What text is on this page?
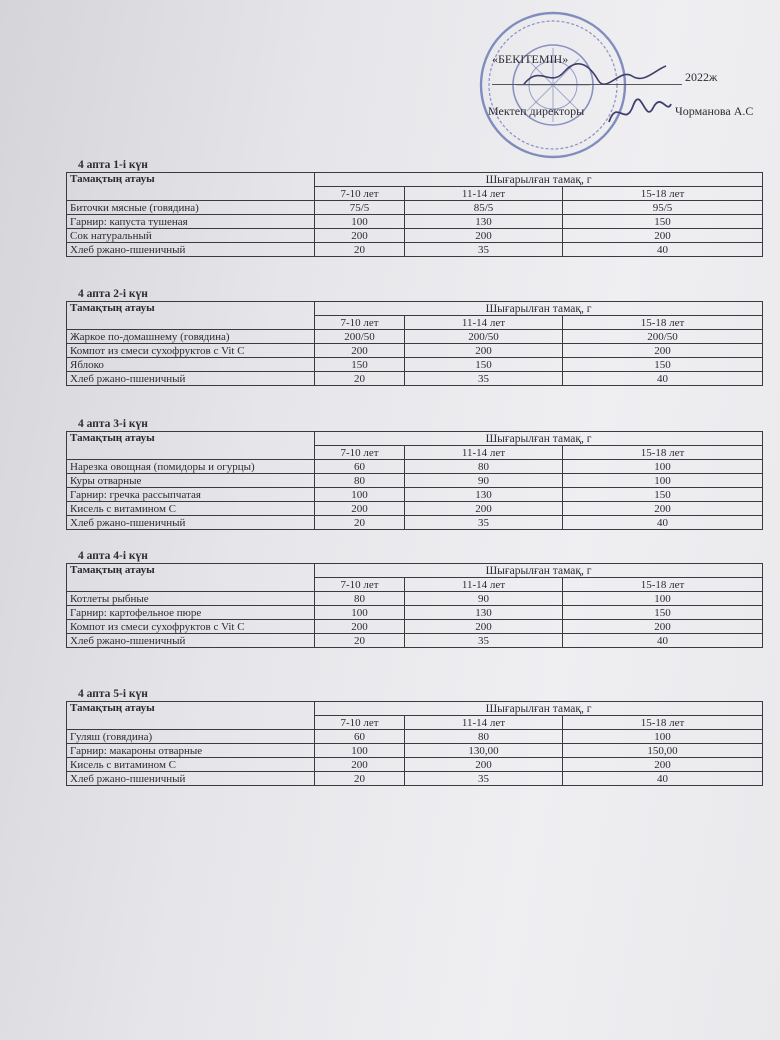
«БЕКІТЕМІН»
2022ж
Мектеп директоры	Чорманова А.С
4 апта 1-і күн
Тамақтың атауы	Шығарылған тамақ, г		
	7-10 лет	11-14 лет	15-18 лет
Биточки мясные (говядина)	75/5	85/5	95/5
Гарнир: капуста тушеная	100	130	150
Сок натуральный	200	200	200
Хлеб ржано-пшеничный	20	35	40
4 апта 2-і күн
Тамақтың атауы	Шығарылған тамақ, г		
	7-10 лет	11-14 лет	15-18 лет
Жаркое по-домашнему (говядина)	200/50	200/50	200/50
Компот из смеси сухофруктов с Vit C	200	200	200
Яблоко	150	150	150
Хлеб ржано-пшеничный	20	35	40
4 апта 3-і күн
Тамақтың атауы	Шығарылған тамақ, г		
	7-10 лет	11-14 лет	15-18 лет
Нарезка овощная (помидоры и огурцы)	60	80	100
Куры отварные	80	90	100
Гарнир: гречка рассыпчатая	100	130	150
Кисель с витамином С	200	200	200
Хлеб ржано-пшеничный	20	35	40
4 апта 4-і күн
Тамақтың атауы	Шығарылған тамақ, г		
	7-10 лет	11-14 лет	15-18 лет
Котлеты рыбные	80	90	100
Гарнир: картофельное пюре	100	130	150
Компот из смеси сухофруктов с Vit C	200	200	200
Хлеб ржано-пшеничный	20	35	40
4 апта 5-і күн
Тамақтың атауы	Шығарылған тамақ, г		
	7-10 лет	11-14 лет	15-18 лет
Гуляш (говядина)	60	80	100
Гарнир: макароны отварные	100	130,00	150,00
Кисель с витамином С	200	200	200
Хлеб ржано-пшеничный	20	35	40
